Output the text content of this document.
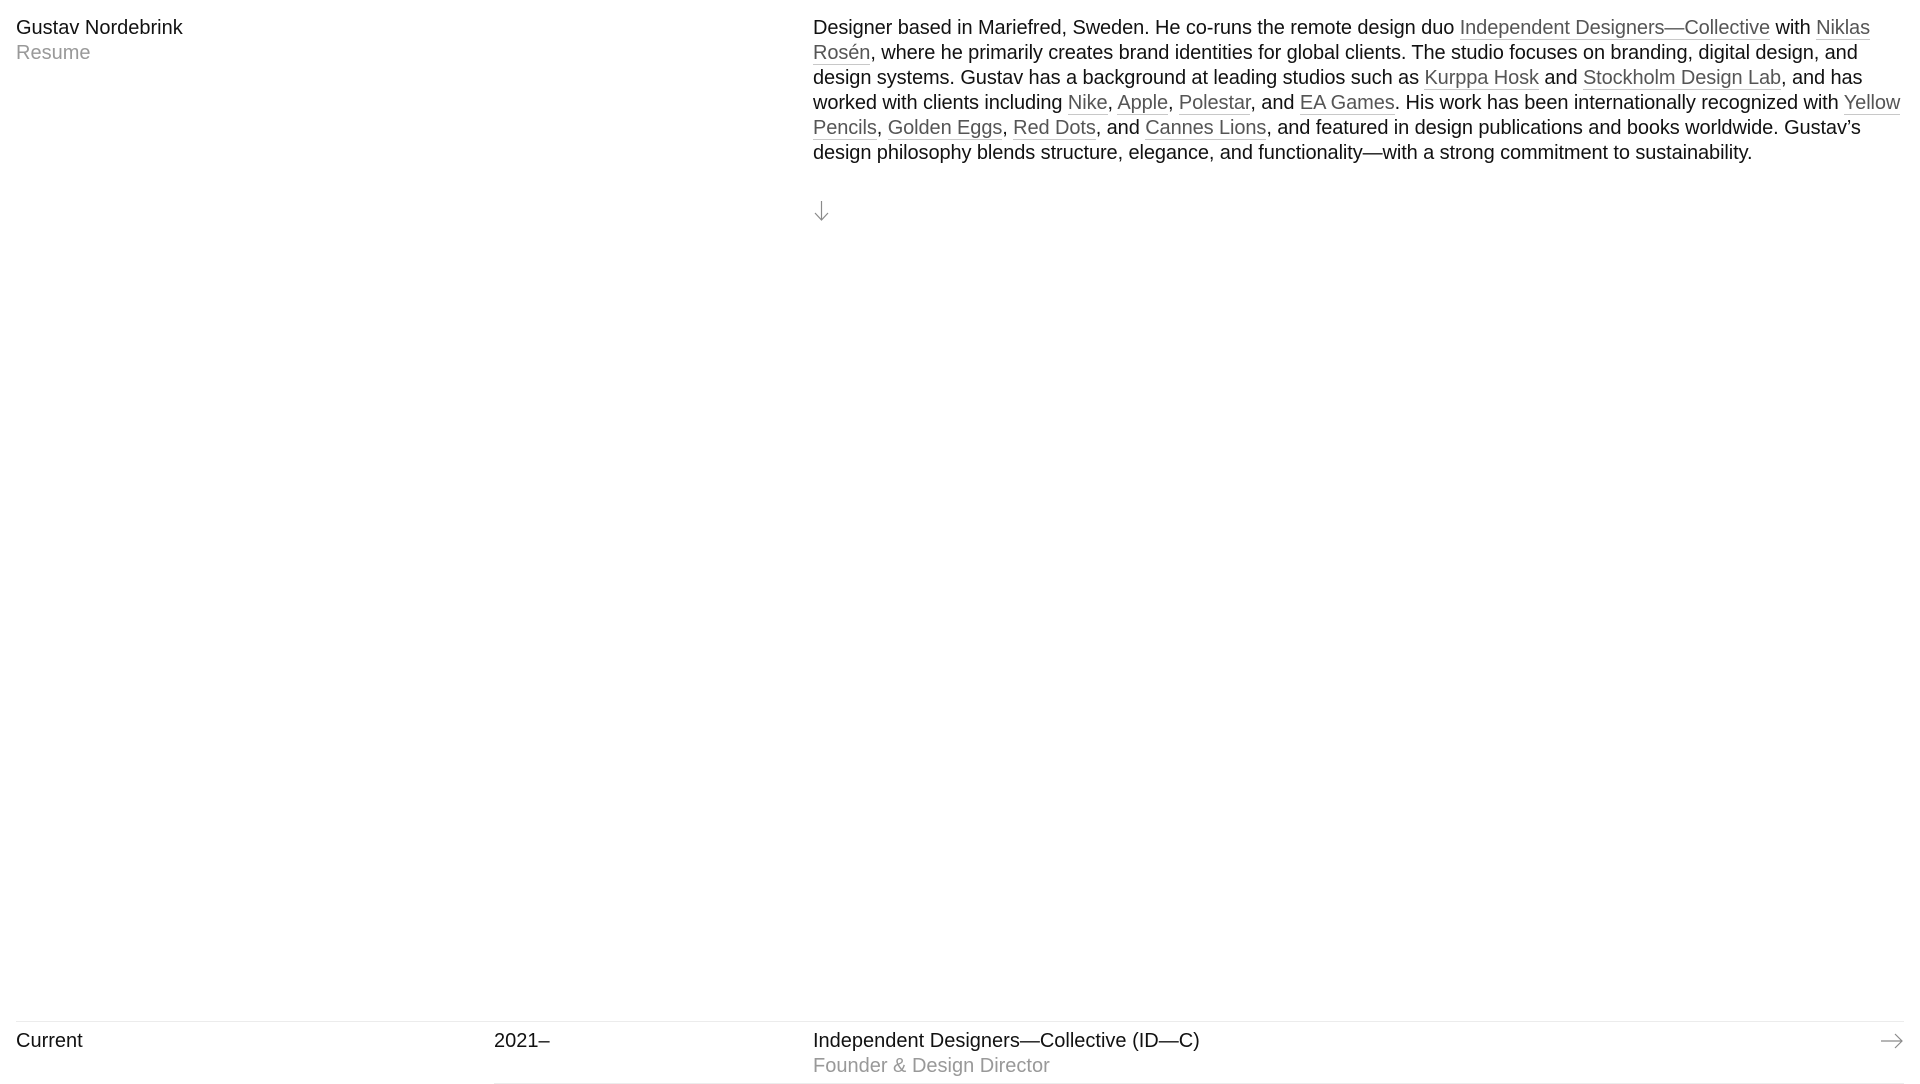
Gustav Nordebrink
Resume

Designer based in Mariefred, Sweden. He co-runs the remote design duo Independent Designers—Collective with Niklas Rosén, where he primarily creates brand identities for global clients. The studio focuses on branding, digital design, and design systems. Gustav has a background at leading studios such as Kurppa Hosk and Stockholm Design Lab, and has worked with clients including Nike, Apple, Polestar, and EA Games. His work has been internationally recognized with Yellow Pencils, Golden Eggs, Red Dots, and Cannes Lions, and featured in design publications and books worldwide. Gustav’s design philosophy blends structure, elegance, and functionality—with a strong commitment to sustainability.

Current	2021–	Independent Designers—Collective (ID—C)
Founder & Design Director
